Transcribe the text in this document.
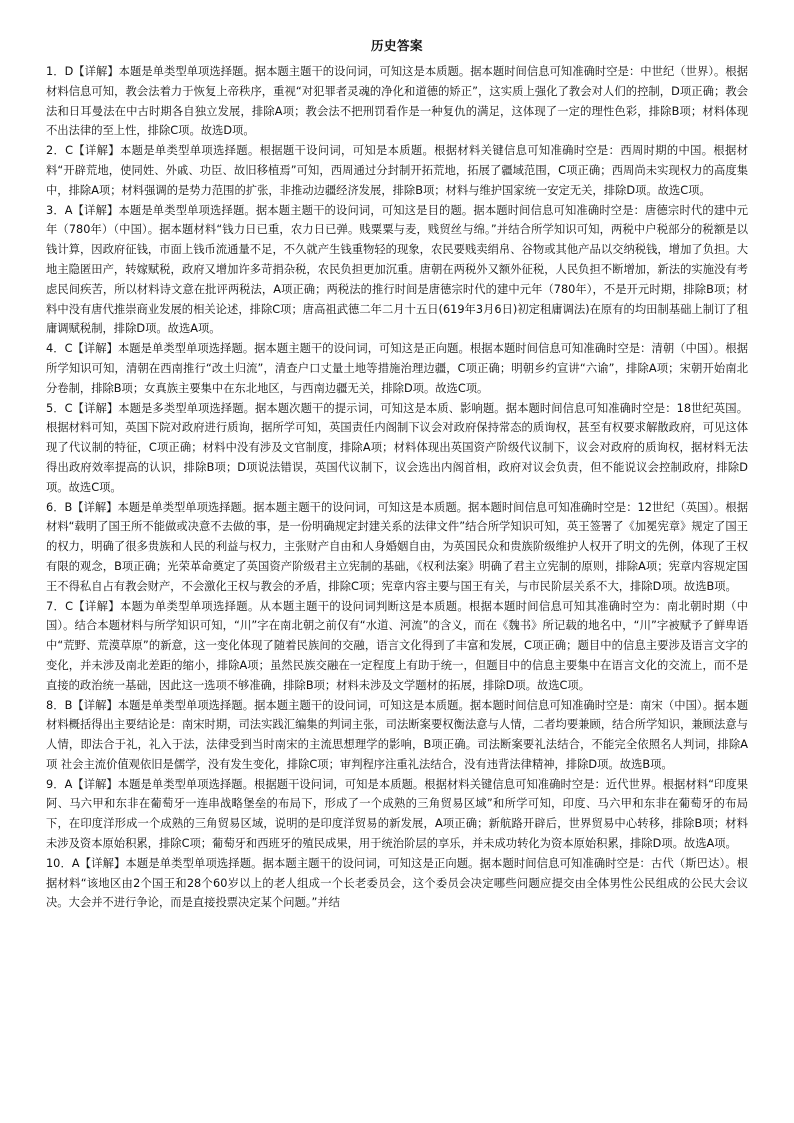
历史答案

1．D【详解】本题是单类型单项选择题。据本题主题干的设问词，可知这是本质题。据本题时间信息可知准确时空是：中世纪（世界）。根据材料信息可知，教会法着力于恢复上帝秩序，重视“对犯罪者灵魂的净化和道德的矫正”，这实质上强化了教会对人们的控制，D项正确；教会法和日耳曼法在中古时期各自独立发展，排除A项；教会法不把刑罚看作是一种复仇的满足，这体现了一定的理性色彩，排除B项；材料体现不出法律的至上性，排除C项。故选D项。

2．C【详解】本题是单类型单项选择题。根据题干设问词，可知是本质题。根据材料关键信息可知准确时空是：西周时期的中国。根据材料“开辟荒地，使同姓、外戚、功臣、故旧移植焉”可知，西周通过分封制开拓荒地，拓展了疆域范围，C项正确；西周尚未实现权力的高度集中，排除A项；材料强调的是势力范围的扩张，非推动边疆经济发展，排除B项；材料与维护国家统一安定无关，排除D项。故选C项。

3．A【详解】本题是单类型单项选择题。据本题主题干的设问词，可知这是目的题。据本题时间信息可知准确时空是：唐德宗时代的建中元年（780年）（中国）。据本题材料“钱力日已重，农力日已弹。贱粟粟与麦，贱贸丝与绵。”并结合所学知识可知，两税中户税部分的税额是以钱计算，因政府征钱，市面上钱币流通量不足，不久就产生钱重物轻的现象，农民要贱卖绢帛、谷物或其他产品以交纳税钱，增加了负担。大地主隐匿田产，转嫁赋税，政府又增加许多苛捐杂税，农民负担更加沉重。唐朝在两税外又额外征税，人民负担不断增加，新法的实施没有考虑民间疾苦，所以材料诗文意在批评两税法，A项正确；两税法的推行时间是唐德宗时代的建中元年（780年），不是开元时期，排除B项；材料中没有唐代推崇商业发展的相关论述，排除C项；唐高祖武德二年二月十五日(619年3月6日)初定租庸调法)在原有的均田制基础上制订了租庸调赋税制，排除D项。故选A项。

4．C【详解】本题是单类型单项选择题。据本题主题干的设问词，可知这是正向题。根据本题时间信息可知准确时空是：清朝（中国）。根据所学知识可知，清朝在西南推行“改土归流”，清查户口丈量土地等措施治理边疆，C项正确；明朝乡约宣讲“六谕”，排除A项；宋朝开始南北分卷制，排除B项；女真族主要集中在东北地区，与西南边疆无关，排除D项。故选C项。

5．C【详解】本题是多类型单项选择题。据本题次题干的提示词，可知这是本质、影响题。据本题时间信息可知准确时空是：18世纪英国。根据材料可知，英国下院对政府进行质询，据所学可知，英国责任内阁制下议会对政府保持常态的质询权，甚至有权要求解散政府，可见这体现了代议制的特征，C项正确；材料中没有涉及文官制度，排除A项；材料体现出英国资产阶级代议制下，议会对政府的质询权，据材料无法得出政府效率提高的认识，排除B项；D项说法错误，英国代议制下，议会选出内阁首相，政府对议会负责，但不能说议会控制政府，排除D项。故选C项。

6．B【详解】本题是单类型单项选择题。据本题主题干的设问词，可知这是本质题。据本题时间信息可知准确时空是：12世纪（英国）。根据材料“载明了国王所不能做或决意不去做的事，是一份明确规定封建关系的法律文件”结合所学知识可知，英王签署了《加冕宪章》规定了国王的权力，明确了很多贵族和人民的利益与权力，主张财产自由和人身婚姻自由，为英国民众和贵族阶级维护人权开了明文的先例，体现了王权有限的观念，B项正确；光荣革命奠定了英国资产阶级君主立宪制的基础，《权利法案》明确了君主立宪制的原则，排除A项；宪章内容规定国王不得私自占有教会财产，不会激化王权与教会的矛盾，排除C项；宪章内容主要与国王有关，与市民阶层关系不大，排除D项。故选B项。

7．C【详解】本题为单类型单项选择题。从本题主题干的设问词判断这是本质题。根据本题时间信息可知其准确时空为：南北朝时期（中国）。结合本题材料与所学知识可知，“川”字在南北朝之前仅有“水道、河流”的含义，而在《魏书》所记载的地名中，“川”字被赋予了鲜卑语中“荒野、荒漠草原”的新意，这一变化体现了随着民族间的交融，语言文化得到了丰富和发展，C项正确；题目中的信息主要涉及语言文字的变化，并未涉及南北差距的缩小，排除A项；虽然民族交融在一定程度上有助于统一，但题目中的信息主要集中在语言文化的交流上，而不是直接的政治统一基础，因此这一选项不够准确，排除B项；材料未涉及文学题材的拓展，排除D项。故选C项。

8．B【详解】本题是单类型单项选择题。据本题主题干的设问词，可知这是本质题。据本题时间信息可知准确时空是：南宋（中国）。据本题材料概括得出主要结论是：南宋时期，司法实践汇编集的判词主张，司法断案要权衡法意与人情，二者均要兼顾，结合所学知识，兼顾法意与人情，即法合于礼，礼入于法，法律受到当时南宋的主流思想理学的影响，B项正确。司法断案要礼法结合，不能完全依照名人判词，排除A项 社会主流价值观依旧是儒学，没有发生变化，排除C项；审判程序注重礼法结合，没有违背法律精神，排除D项。故选B项。

9．A【详解】本题是单类型单项选择题。根据题干设问词，可知是本质题。根据材料关键信息可知准确时空是：近代世界。根据材料“印度果阿、马六甲和东非在葡萄牙一连串战略堡垒的布局下，形成了一个成熟的三角贸易区域”和所学可知，印度、马六甲和东非在葡萄牙的布局下，在印度洋形成一个成熟的三角贸易区域，说明的是印度洋贸易的新发展，A项正确；新航路开辟后，世界贸易中心转移，排除B项；材料未涉及资本原始积累，排除C项；葡萄牙和西班牙的殖民成果，用于统治阶层的享乐，并未成功转化为资本原始积累，排除D项。故选A项。

10．A【详解】本题是单类型单项选择题。据本题主题干的设问词，可知这是正向题。据本题时间信息可知准确时空是：古代（斯巴达）。根据材料“该地区由2个国王和28个60岁以上的老人组成一个长老委员会，这个委员会决定哪些问题应提交由全体男性公民组成的公民大会议决。大会并不进行争论，而是直接投票决定某个问题。”并结
